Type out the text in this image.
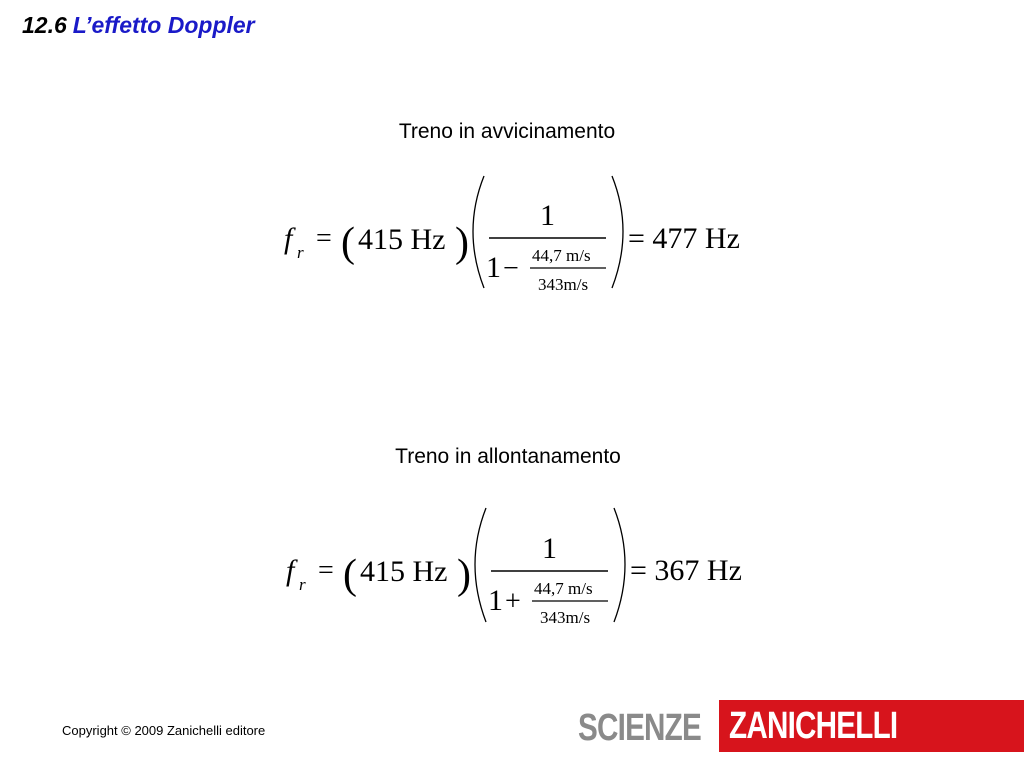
12.6 L’effetto Doppler
Treno in avvicinamento
Treno in allontanamento
f r = ( 415 Hz )
1
1 − 44,7 m/s
343m/s
= 477 Hz
f r = ( 415 Hz )
1
1 + 44,7 m/s
343m/s
= 367 Hz
Copyright © 2009 Zanichelli editore	SCIENZE ZANICHELLI
